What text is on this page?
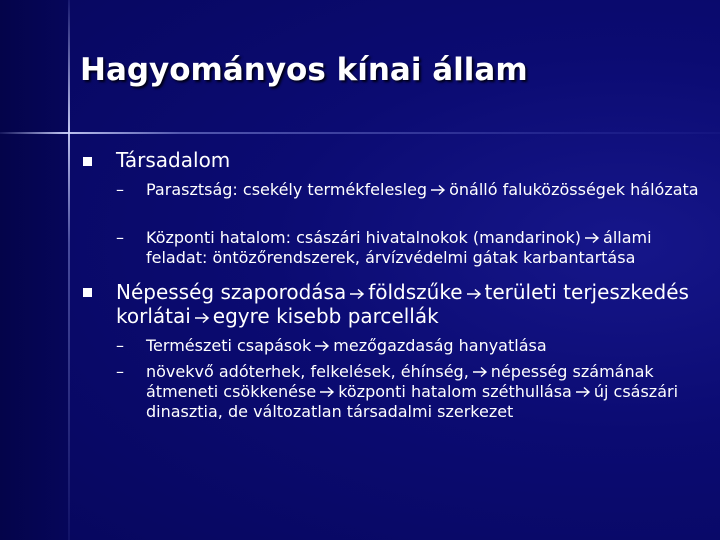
Hagyományos kínai állam
Társadalom
– Parasztság: csekély termékfelesleg önálló faluközösségek hálózata
– Központi hatalom: császári hivatalnokok (mandarinok) állami feladat: öntözőrendszerek, árvízvédelmi gátak karbantartása
Népesség szaporodása földszűke területi terjeszkedés korlátai egyre kisebb parcellák
– Természeti csapások mezőgazdaság hanyatlása
– növekvő adóterhek, felkelések, éhínség, népesség számának átmeneti csökkenése központi hatalom széthullása új császári dinasztia, de változatlan társadalmi szerkezet
